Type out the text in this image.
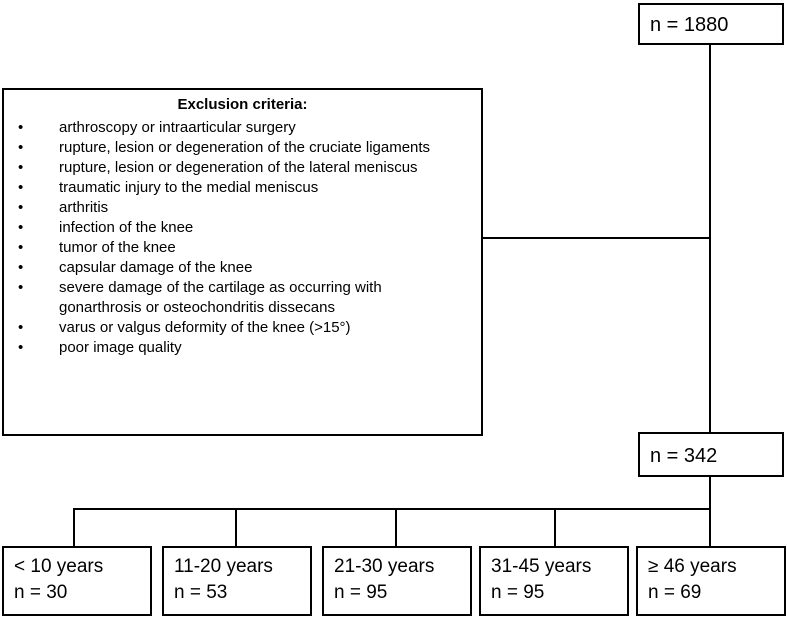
n = 1880
Exclusion criteria:
• arthroscopy or intraarticular surgery
• rupture, lesion or degeneration of the cruciate ligaments
• rupture, lesion or degeneration of the lateral meniscus
• traumatic injury to the medial meniscus
• arthritis
• infection of the knee
• tumor of the knee
• capsular damage of the knee
• severe damage of the cartilage as occurring with gonarthrosis or osteochondritis dissecans
• varus or valgus deformity of the knee (>15°)
• poor image quality
n = 342
< 10 years
n = 30
11-20 years
n = 53
21-30 years
n = 95
31-45 years
n = 95
≥ 46 years
n = 69
